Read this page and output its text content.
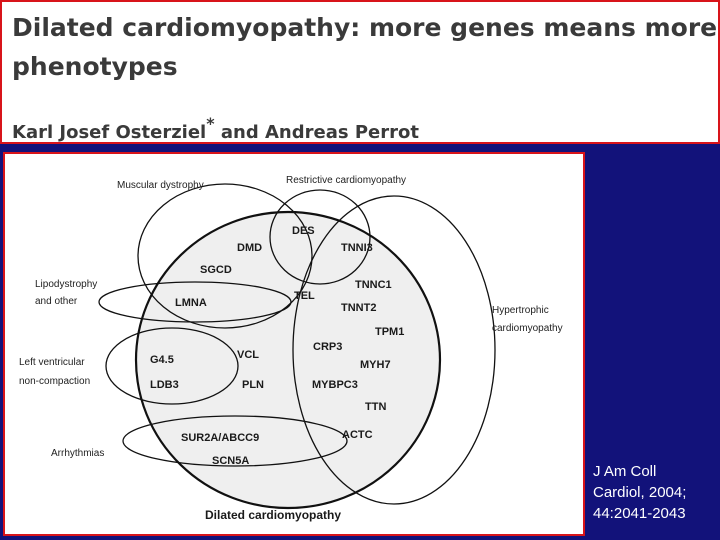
Dilated cardiomyopathy: more genes means more phenotypes
Karl Josef Osterziel* and Andreas Perrot
Muscular dystrophy	Restrictive cardiomyopathy
Lipodystrophy
and other
Left ventricular
non-compaction
Arrhythmias
Hypertrophic
cardiomyopathy
Dilated cardiomyopathy
DES
TNNI3
DMD
SGCD
LMNA
TEL
TNNC1
TNNT2
TPM1
CRP3
MYH7
G4.5	VCL
LDB3	PLN	MYBPC3
TTN
ACTC
SUR2A/ABCC9
SCN5A
J Am Coll
Cardiol, 2004;
44:2041-2043
